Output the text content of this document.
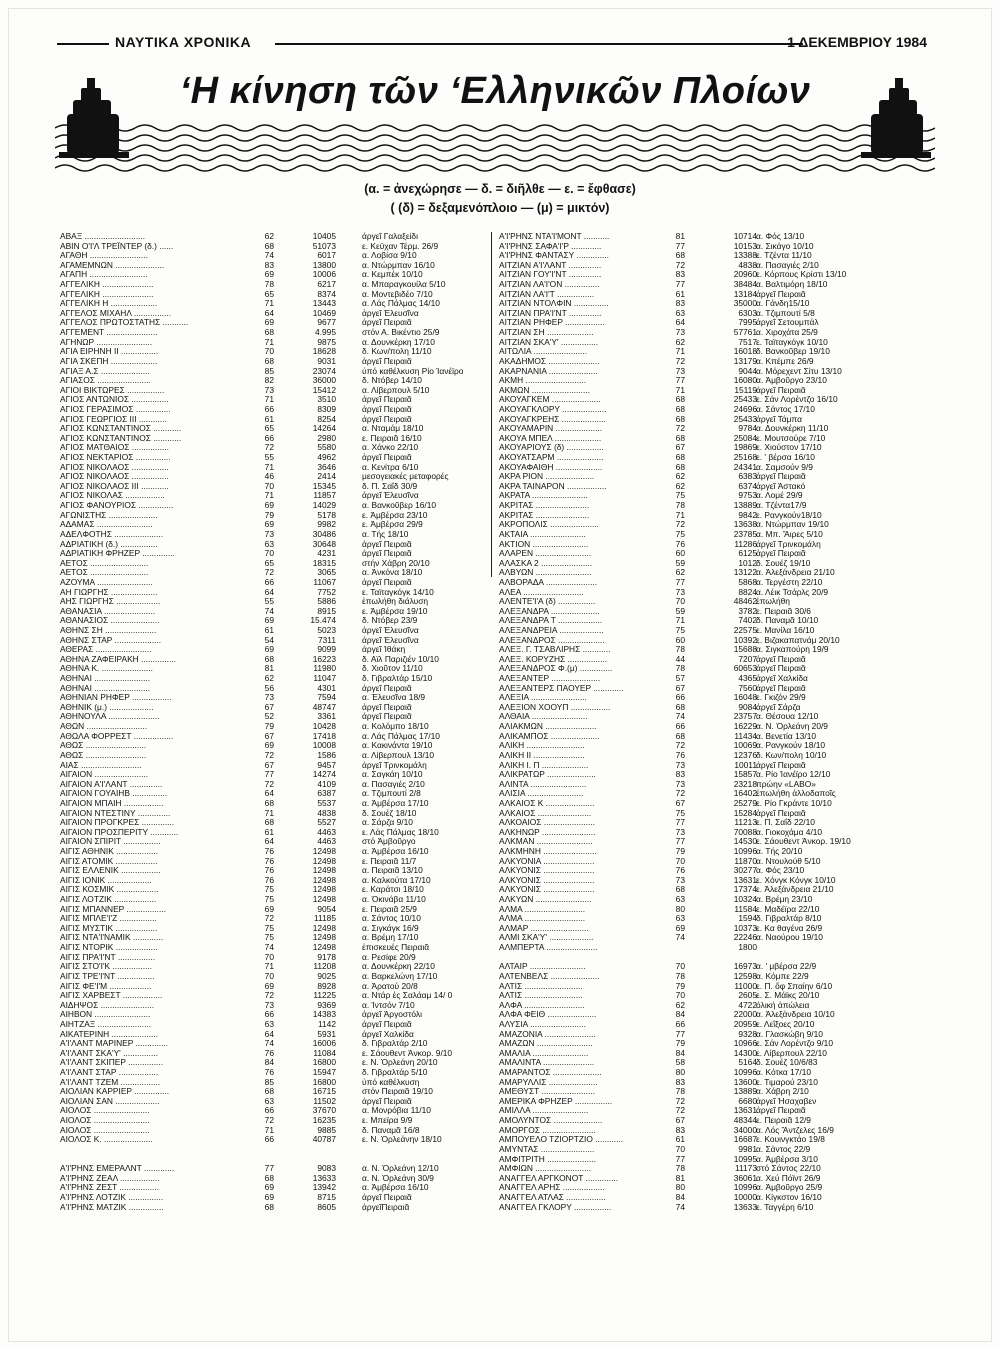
ΝΑΥΤΙΚΑ ΧΡΟΝΙΚΑ	1 ΔΕΚΕΜΒΡΙΟΥ 1984
‘Η κίνηση τῶν ‘Ελληνικῶν Πλοίων
(α. = ἀνεχώρησε — δ. = διῆλθε — ε. = ἔφθασε)
( (δ) = δεξαμενόπλοιο — (μ) = μικτόν)
ΑΒΑΞ ..........................	62	10405	ἀργεῖ Γαλαξείδι
ΑΒΙΝ Ο'Ι'Λ ΤΡΕΪΝΤΕΡ (δ.) ......	68	51073	ε. Κεϋχαν Τέρμ. 26/9
ΑΓΑΘΗ .........................	74	6017	α. Λοβίσα 9/10
ΑΓΑΜΕΜΝΩΝ .....................	83	13800	α. Ντώρμπαν 16/10
ΑΓΑΠΗ .........................	69	10006	α. Κεμπέκ 10/10
ΑΓΓΕΛΙΚΗ ......................	78	6217	α. Μπαραγκουίλα 5/10
ΑΓΓΕΛΙΚΗ ......................	65	8374	α. Μοντεβιδέο 7/10
ΑΓΓΕΛΙΚΗ Η ....................	71	13443	α. Λάς Πάλμας 14/10
ΑΓΓΕΛΟΣ ΜΙΧΑΗΛ ................	64	10469	ἀργεῖ Ἐλευσῖνα
ΑΓΓΕΛΟΣ ΠΡΩΤΟΣΤΑΤΗΣ ...........	69	9677	ἀργεῖ Πειραιᾶ
ΑΓΓΕΜΕΝΤ ......................	68	4.995	στόν Α. Βικέντιο 25/9
ΑΓΗΝΩΡ ........................	71	9875	α. Δουνκέρκη 17/10
ΑΓΙΑ ΕΙΡΗΝΗ ΙΙ ................	70	18628	δ. Κων/πολη 11/10
ΑΓΙΑ ΣΚΕΠΗ ....................	68	9031	ἀργεῖ Πειραιᾶ
ΑΓΙΑΞ Α.Σ .....................	85	23074	ὑπό καθέλκυση Ρίο Ἰανέϊρο
ΑΓΙΑΣΟΣ .......................	82	36000	δ. Ντόβερ 14/10
ΑΓΙΟΙ ΒΙΚΤΩΡΕΣ ................	73	15412	α. Λίβερπουλ 5/10
ΑΓΙΟΣ ΑΝΤΩΝΙΟΣ ................	71	3510	ἀργεῖ Πειραιᾶ
ΑΓΙΟΣ ΓΕΡΑΣΙΜΟΣ ...............	66	8309	ἀργεῖ Πειραιᾶ
ΑΓΙΟΣ ΓΕΩΡΓΙΟΣ ΙΙΙ ............	61	8254	ἀργεῖ Πειραιᾶ
ΑΓΙΟΣ ΚΩΝΣΤΑΝΤΙΝΟΣ ............	65	14264	α. Νταμάμ 18/10
ΑΓΙΟΣ ΚΩΝΣΤΑΝΤΙΝΟΣ ............	66	2980	ε. Πειραιᾶ 16/10
ΑΓΙΟΣ ΜΑΤΘΑΙΟΣ ................	72	5580	α. Χάνκο 22/10
ΑΓΙΟΣ ΝΕΚΤΑΡΙΟΣ ...............	55	4962	ἀργεῖ Πειραιᾶ
ΑΓΙΟΣ ΝΙΚΟΛΑΟΣ ................	71	3646	α. Κενίτρα 6/10
ΑΓΙΟΣ ΝΙΚΟΛΑΟΣ ................	46	2414	μεσογειακές μεταφορές
ΑΓΙΟΣ ΝΙΚΟΛΑΟΣ ΙΙΙ ............	70	15345	δ. Π. Σαΐδ 30/9
ΑΓΙΟΣ ΝΙΚΟΛΑΣ .................	71	11857	ἀργεῖ Ἐλευσῖνα
ΑΓΙΟΣ ΦΑΝΟΥΡΙΟΣ ...............	69	14029	α. Βανκοῦβερ 16/10
ΑΓΩΝΙΣΤΗΣ .....................	79	5178	ε. Ἀμβέρσα 23/10
ΑΔΑΜΑΣ ........................	69	9982	ε. Ἀμβέρσα 29/9
ΑΔΕΛΦΟΤΗΣ .....................	73	30486	α. Τής 18/10
ΑΔΡΙΑΤΙΚΗ (δ.) ................	63	30648	ἀργεῖ Πειραιᾶ
ΑΔΡΙΑΤΙΚΗ ΦΡΗΖΕΡ ..............	70	4231	ἀργεῖ Πειραιᾶ
ΑΕΤΟΣ .........................	65	18315	στήν Χάβρη 20/10
ΑΕΤΟΣ .........................	72	3065	α. Ἀνκόνα 18/10
ΑΖΟΥΜΑ ........................	66	11067	ἀργεῖ Πειραιᾶ
ΑΗ ΓΙΩΡΓΗΣ ....................	64	7752	ε. Ταϊταγκόγκ 14/10
ΑΗΣ ΓΙΩΡΓΗΣ ...................	55	5886	ἐπωλήθη διάλυση
ΑΘΑΝΑΣΙΑ ......................	74	8915	ε. Ἀμβέρσα 19/10
ΑΘΑΝΑΣΙΟΣ .....................	69	15.474	δ. Ντόβερ 23/9
ΑΘΗΝΣ ΣΗ ......................	61	5023	ἀργεῖ Ἐλευσῖνα
ΑΘΗΝΣ ΣΤΑΡ ....................	54	7311	ἀργεῖ Ἐλευσῖνα
ΑΘΕΡΑΣ ........................	69	9099	ἀργεῖ Ἰθάκη
ΑΘΗΝΑ ΖΑΦΕΙΡΑΚΗ ...............	68	16223	δ. Αϊλ Παριζιέν 10/10
ΑΘΗΝΑ Κ. ......................	81	11980	δ. Χιοῦτον 11/10
ΑΘΗΝΑΙ ........................	62	11047	δ. Γιβραλτάρ 15/10
ΑΘΗΝΑΙ ........................	56	4301	ἀργεῖ Πειραιᾶ
ΑΘΗΝΙΑΝ ΡΗΦΕΡ .................	73	7594	α. Ἐλευσῖνα 18/9
ΑΘΗΝΙΚ (μ.) ...................	67	48747	ἀργεῖ Πειραιᾶ
ΑΘΗΝΟΥΛΑ ......................	52	3361	ἀργεῖ Πειραιᾶ
ΑΘΩΝ ..........................	79	10428	α. Κολόμπο 18/10
ΑΘΩΛΑ ΦΟΡΡΕΣΤ .................	67	17418	α. Λάς Πάλμας 17/10
ΑΘΩΣ ..........................	69	10008	α. Κακινάντα 19/10
ΑΘΩΣ ..........................	72	1586	α. Λίβερπουλ 13/10
ΑΙΑΣ ..........................	67	9457	ἀργεῖ Τρινκομάλη
ΑΙΓΑΙΟΝ .......................	77	14274	α. Σαγκάη 10/10
ΑΙΓΑΙΟΝ Α'Ι'ΛΑΝΤ ..............	72	4109	α. Πασαγιές 2/10
ΑΙΓΑΙΟΝ ΓΟΥΑΙΗΒ ...............	64	6387	α. Τζιμπουτί 2/8
ΑΙΓΑΙΟΝ ΜΠΑΙΗ .................	68	5537	α. Ἀμβέρσα 17/10
ΑΙΓΑΙΟΝ ΝΤΕΣΤΙΝΥ ..............	71	4838	δ. Σουέζ 18/10
ΑΙΓΑΙΟΝ ΠΡΟΓΚΡΕΣ ..............	68	5527	α. Σάρζα 9/10
ΑΙΓΑΙΟΝ ΠΡΟΣΠΕΡΙΤΥ ............	61	4463	ε. Λάς Πάλμας 18/10
ΑΙΓΑΙΟΝ ΣΠΙΡΙΤ ................	64	4463	στό Ἀμβοῦργο
ΑΙΓΙΣ ΑΘΗΝΙΚ ..................	76	12498	α. Ἀμβέρσα 16/10
ΑΙΓΙΣ ΑΤΟΜΙΚ ..................	76	12498	ε. Πειραιᾶ 11/7
ΑΙΓΙΣ ΕΛΛΕΝΙΚ .................	76	12498	α. Πειραιᾶ 13/10
ΑΙΓΙΣ ΙΟΝΙΚ ...................	76	12498	α. Καλκούτα 17/10
ΑΙΓΙΣ ΚΟΣΜΙΚ ..................	75	12498	ε. Καράτσι 18/10
ΑΙΓΙΣ ΛΟΤΖΙΚ ..................	75	12498	α. Ὀκινάβα 11/10
ΑΙΓΙΣ ΜΠΑΝΝΕΡ .................	69	9054	ε. Πειραιᾶ 25/9
ΑΙΓΙΣ ΜΠΛΕ'Ι'Ζ ................	72	11185	α. Σάντος 10/10
ΑΙΓΙΣ ΜΥΣΤΙΚ ..................	75	12498	α. Σιγκάγκ 16/9
ΑΙΓΙΣ ΝΤΑ'Ι'ΝΑΜΙΚ .............	75	12498	α. Βρέμη 17/10
ΑΙΓΙΣ ΝΤΟΡΙΚ ..................	74	12498	ἐπισκευές Πειραιᾶ
ΑΙΓΙΣ ΠΡΑ'Ι'ΝΤ ................	70	9178	α. Ρεσίφε 20/9
ΑΙΓΙΣ ΣΤΟ'Ι'Κ .................	71	11208	α. Δουνκέρκη 22/10
ΑΙΓΙΣ ΤΡΕ'Ι'ΝΤ ................	70	9025	α. Βαρκελώνη 17/10
ΑΙΓΙΣ ΦΕ'Ι'Μ ..................	69	8928	α. Ἀρατού 20/8
ΑΙΓΙΣ ΧΑΡΒΕΣΤ .................	72	11225	α. Ντάρ ἐς Σαλάαμ 14/ 0
ΑΙΔΗΨΟΣ .......................	73	9369	α. Ἰντσόν 7/10
ΑΙΗΒΟΝ ........................	66	14383	ἀργεῖ Ἀργοστόλι
ΑΙΗΤΖΑΞ .......................	63	1142	ἀργεῖ Πειραιᾶ
ΑΙΚΑΤΕΡΙΝΗ ....................	64	5931	ἀργεῖ Χαλκίδα
Α'Ι'ΛΑΝΤ ΜΑΡΙΝΕΡ ..............	74	16006	δ. Γιβραλτάρ 2/10
Α'Ι'ΛΑΝΤ ΣΚΑ'Υ' ...............	76	11084	ε. Σάουθεντ Ἀνκορ. 9/10
Α'Ι'ΛΑΝΤ ΣΚΙΠΕΡ ...............	84	16800	ε. Ν. Ὀρλεάνη 20/10
Α'Ι'ΛΑΝΤ ΣΤΑΡ .................	76	15947	δ. Γιβραλτάρ 5/10
Α'Ι'ΛΑΝΤ ΤΖΕΜ .................	85	16800	ὑπό καθέλκυση
ΑΙΟΛΙΑΝ ΚΑΡΡΙΕΡ ...............	68	16715	στόν Πειραιᾶ 19/10
ΑΙΟΛΙΑΝ ΣΑΝ ...................	63	11502	ἀργεῖ Πειραιᾶ
ΑΙΟΛΟΣ ........................	66	37670	α. Μονρόβια 11/10
ΑΙΟΛΟΣ ........................	72	16235	ε. Μπεϊρα 9/9
ΑΙΟΛΟΣ ........................	71	9885	δ. Παναμᾶ 16/8
ΑΙΟΛΟΣ Κ. .....................	66	40787	ε. Ν. Ὀρλεάνην 18/10
Α'Ι'ΡΗΝΣ ΕΜΕΡΑΛΝΤ .............	77	9083	α. Ν. Ὀρλεάνη 12/10
Α'Ι'ΡΗΝΣ ΖΕΑΛ .................	68	13633	α. Ν. Ὀρλεάνη 30/9
Α'Ι'ΡΗΝΣ ΖΕΣΤ .................	69	13942	α. Ἀμβέρσα 16/10
Α'Ι'ΡΗΝΣ ΛΟΤΖΙΚ ...............	69	8715	ἀργεῖ Πειραιᾶ
Α'Ι'ΡΗΝΣ ΜΑΤΖΙΚ ...............	68	8605	ἀργεῖΠειραιᾶ
Α'Ι'ΡΗΝΣ ΝΤΑ'Ι'ΜΟΝΤ ...........	81	10714 α. Φός 13/10
Α'Ι'ΡΗΝΣ ΣΑΦΑ'Ι'Ρ .............	77	10153 α. Σικάγο 10/10
Α'Ι'ΡΗΝΣ ΦΑΝΤΑΣΥ ..............	68	13388 ε. Τζέντα 11/10
ΑΙΤΖΙΑΝ Α'Ι'ΛΑΝΤ ..............	72	4838 α. Πασαγιές 2/10
ΑΙΤΖΙΑΝ ΓΟΥ'Ι'ΝΤ ..............	83	20960 ε. Κόρπους Κρίστι 13/10
ΑΙΤΖΙΑΝ ΛΑ'Ι'ΟΝ ...............	77	38484 α. Βαλτιμόρη 18/10
ΑΙΤΖΙΑΝ ΛΑ'Ι'Τ ................	61	13184 ἀργεῖ Πειραιᾶ
ΑΙΤΖΙΑΝ ΝΤΟΛΦΙΝ ...............	83	35000 α. Γάνδη15/10
ΑΙΤΖΙΑΝ ΠΡΑ'Ι'ΝΤ ..............	63	6303 α. Τζιμπουτί 5/8
ΑΙΤΖΙΑΝ ΡΗΦΕΡ .................	64	7995 ἀργεῖ Σετουμπάλ
ΑΙΤΖΙΑΝ ΣΗ ....................	73	57761 α. Χιροχάτα 25/9
ΑΙΤΖΙΑΝ ΣΚΑ'Υ' ................	62	7517 ε. Ταϊταγκόγκ 10/10
ΑΙΤΩΛΙΑ .......................	71	16018 δ. Βανκοῦβερ 19/10
ΑΚΑΔΗΜΟΣ ......................	72	13179 α. Κπέμπε 26/9
ΑΚΑΡΝΑΝΙΑ .....................	73	9044 α. Μόρεχεντ Σίτυ 13/10
ΑΚΜΗ ..........................	77	16080 α. Ἀμβοῦργο 23/10
ΑΚΜΩΝ .........................	71	15119 ἀργεῖ Πειραιᾶ
ΑΚΟΥΑΓΚΕΜ .....................	68	25433 ε. Σάν Λορέντζο 16/10
ΑΚΟΥΑΓΚΛΟΡΥ ...................	68	24696 α. Σάντος 17/10
ΑΚΟΥΑΓΚΡΕΗΣ ...................	68	25433 ἀργεῖ Τάμπα
ΑΚΟΥΑΜΑΡΙΝ ....................	72	9784 α. Δουνκέρκη 11/10
ΑΚΟΥΑ ΜΠΕΛ ....................	68	25084 ε. Μουτσούρε 7/10
ΑΚΟΥΑΡΙΟΥΣ (δ) ................	67	19869 ε. Χιούστον 17/10
ΑΚΟΥΑΤΣΑΡΜ ....................	68	25168 ε. ' βέρσα 16/10
ΑΚΟΥΑΦΑΙΘΗ ....................	68	24341 α. Σαμσούν 9/9
ΑΚΡΑ ΡΙΟΝ .....................	62	6383 ἀργεῖ Πειραιᾶ
ΑΚΡΑ ΤΑΙΝΑΡΟΝ .................	62	6374 ἀργεῖ Ἀστακό
ΑΚΡΑΤΑ ........................	75	9753 α. Λομέ 29/9
ΑΚΡΙΤΑΣ .......................	78	13889 α. Τζέντα17/9
ΑΚΡΙΤΑΣ .......................	71	9842 ε. Ρανγκούν18/10
ΑΚΡΟΠΟΛΙΣ .....................	72	13638 α. Ντώρμπαν 19/10
ΑΚΤΑΙΑ ........................	75	23785 α. Μπ. Ἄιρες 5/10
ΑΚΤΙΟΝ ........................	76	11286 ἀργεῖ Τρινκομάλη
ΑΛΑΡΕΝ ........................	60	6125 ἀργεῖ Πειραιᾶ
ΑΛΑΣΚΑ 2 ......................	59	1012 δ. Σουέζ 19/10
ΑΛΒΥΩΝ ........................	62	13122 α. Ἀλεξάνδρεια 21/10
ΑΛΒΟΡΑΔΑ ......................	77	5868 α. Τεργέστη 22/10
ΑΛΕΑ ..........................	73	8824 α. Λέικ Τσάρλς 20/9
ΑΛΕΝΤΕ'Ι'Α (δ) ................	70	48462 ἐπωλήθη
ΑΛΕΞΑΝΔΡΑ .....................	59	3782 ε. Πειραιᾶ 30/6
ΑΛΕΞΑΝΔΡΑ Τ ...................	71	7402 δ. Παναμᾶ 10/10
ΑΛΕΞΑΝΔΡΕΙΑ ...................	75	22575 ε. Μανίλα 16/10
ΑΛΕΞΑΝΔΡΟΣ ....................	60	10392 ε. Βιζακαπατνάμ 20/10
ΑΛΕΞ. Γ. ΤΣΑΒΛΙΡΗΣ ............	78	15688 α. Σιγκαπούρη 19/9
ΑΛΕΞ. ΚΟΡΥΖΗΣ .................	44	7207 ἀργεῖ Πειραιᾶ
ΑΛΕΞΑΝΔΡΟΣ Φ.(μ) ..............	78	60653 ἀργεῖ Πειραιᾶ
ΑΛΕΞΑΝΤΕΡ .....................	57	4365 ἀργεῖ Χαλκίδα
ΑΛΕΞΑΝΤΕΡΣ ΠΑΟΥΕΡ .............	67	7560 ἀργεῖ Πειραιᾶ
ΑΛΕΞΙΑ ........................	66	16048 ε. Γκιζόν 29/9
ΑΛΕΞΙΟΝ ΧΟΟΥΠ .................	68	9084 ἀργεῖ Σάρζα
ΑΛΘΑΙΑ ........................	74	23757 α. Θέσουα 12/10
ΑΛΙΑΚΜΩΝ ......................	66	16229 α. Ν. Ὀρλεάνη 20/9
ΑΛΙΚΑΜΠΟΣ .....................	68	11434 α. Βενετία 13/10
ΑΛΙΚΗ .........................	72	10069 α. Ρανγκούν 18/10
ΑΛΙΚΗ ΙΙ ......................	76	12376 δ. Κων/πολη 10/10
ΑΛΙΚΗ Ι. Π ....................	73	10011 ἀργεῖ Πειραιᾶ
ΑΛΙΚΡΑΤΩΡ .....................	83	15857 α. Ρίο Ἰανέϊρο 12/10
ΑΛΙΝΤΑ ........................	73	23218 πρώην «LABO»
ΑΛΙΣΙΑ ........................	72	16402 ἐπωλήθη ἀλλοδαποῖς
ΑΛΚΑΙΟΣ Κ .....................	67	25279 ε. Ρίο Γκράντε 10/10
ΑΛΚΑΙΟΣ .......................	75	15284 ἀργεῖ Πειραιᾶ
ΑΛΚΟΑΙΟΣ ......................	77	11213 ε. Π. Σαΐδ 22/10
ΑΛΚΗΝΩΡ .......................	73	70088 α. Γιοκοχάμα 4/10
ΑΛΚΜΑΝ ........................	77	14530 ε. Σάουθεντ Ἀνκορ. 19/10
ΑΛΚΜΗΝΗ .......................	79	10996 α. Τής 20/10
ΑΛΚΥΟΝΙΑ ......................	70	11870 α. Ντουλούθ 5/10
ΑΛΚΥΟΝΙΣ ......................	76	30277 α. Φός 23/10
ΑΛΚΥΟΝΙΣ ......................	73	13631 ε. Χόνγκ Κόνγκ 10/10
ΑΛΚΥΟΝΙΣ ......................	68	17374 ε. Ἀλεξάνδρεια 21/10
ΑΛΚΥΩΝ ........................	63	10324 α. Βρέμη 23/10
ΑΛΜΑ ..........................	80	11584 ε. Μαδέϊρα 22/10
ΑΛΜΑ ..........................	63	1594 δ. Γιβραλτάρ 8/10
ΑΛΜΑΡ .........................	69	10373 ε. Κα θαγένα 26/9
ΑΛΜΙ ΣΚΑ'Υ' ...................	74	22246 α. Ναούρου 19/10
ΑΛΜΠΕΡΤΑ ......................	1800
ΑΛΤΑΙΡ ........................	70	16973 α. ' μβέρσα 22/9
ΑΛΤΕΝΒΕΛΣ .....................	78	12598 α. Κόμπε 22/9
ΑΛΤΙΣ .........................	79	11000 ε. Π. ὄφ Σπαίην 6/10
ΑΛΤΙΣ .........................	70	2605 ε. Σ. Μάϊκς 20/10
ΑΛΦΑ ..........................	62	4722 ὀλική ἀπώλεια
ΑΛΦΑ ΦΕΙΘ .....................	84	22000 α. Ἀλεξάνδρεια 10/10
ΑΛΥΣΙΑ ........................	66	20959 ε. Λεΐξοες 20/10
ΑΜΑΖΟΝΙΑ ......................	77	9328 α. Γλασκώβη 9/10
ΑΜΑΖΩΝ ........................	79	10966 ε. Σάν Λορέντζο 9/10
ΑΜΑΛΙΑ ........................	84	14300 ε. Λίβερπουλ 22/10
ΑΜΑΛΙΝΤΑ ......................	58	5164 δ. Σουέζ 10/6/83
ΑΜΑΡΑΝΤΟΣ .....................	80	10996 α. Κότκα 17/10
ΑΜΑΡΥΛΛΙΣ .....................	83	13600 ε. Τιμαρού 23/10
ΑΜΕΘΥΣΤ .......................	78	13889 α. Χάβρη 2/10
ΑΜΕΡΙΚΑ ΦΡΗΖΕΡ ................	72	6680 ἀργεῖ Ἠσαχαβεν
ΑΜΙΛΛΑ ........................	72	13631 ἀργεῖ Πειραιᾶ
ΑΜΟΛΥΝΤΟΣ .....................	67	48344 ε. Πειραιᾶ 12/9
ΑΜΟΡΓΟΣ .......................	83	34000 α. Λός Ἄντζελες 16/9
ΑΜΠΟΥΕΛΟ ΤΖΙΟΡΤΖΙΟ ............	61	16687 ε. Κουινγκτάο 19/8
ΑΜΥΝΤΑΣ .......................	70	9981 α. Σάντος 22/9
ΑΜΦΙΤΡΙΤΗ .....................	77	10995 α. Ἀμβέρσα 3/10
ΑΜΦΙΩΝ ........................	78	11173 στό Σάντος 22/10
ΑΝΑΓΓΕΛ ΑΡΓΚΟΝΟΤ ..............	81	36061 α. Χεύ Πόϊντ 26/9
ΑΝΑΓΓΕΛ ΑΡΗΣ ..................	80	10996 α. Ἀμβοῦργο 25/9
ΑΝΑΓΓΕΛ ΑΤΛΑΣ .................	84	10000 α. Κίγκστον 16/10
ΑΝΑΓΓΕΛ ΓΚΛΟΡΥ ................	74	13633 ε. Ταγγέρη 6/10
